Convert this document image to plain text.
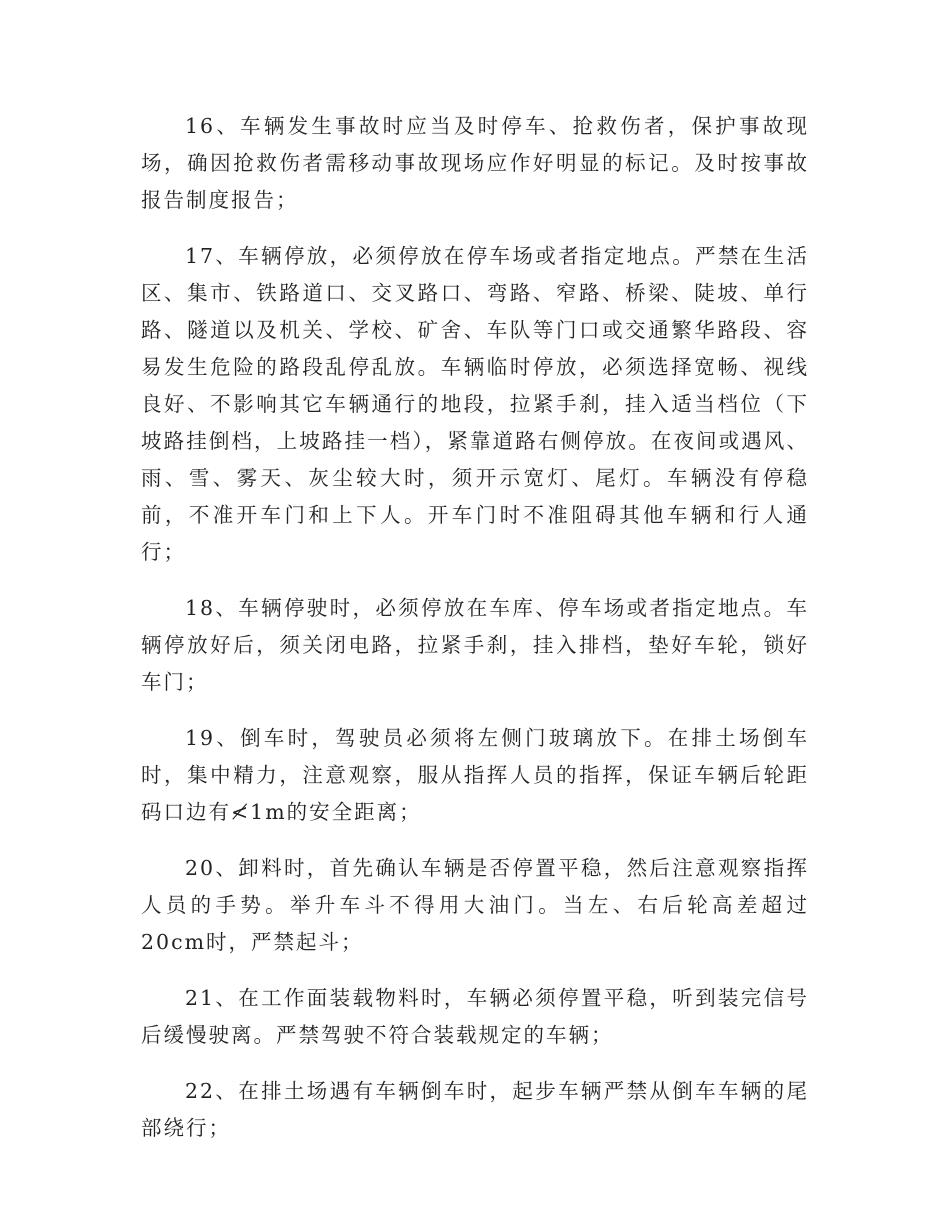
16、车辆发生事故时应当及时停车、抢救伤者，保护事故现场，确因抢救伤者需移动事故现场应作好明显的标记。及时按事故报告制度报告；

17、车辆停放，必须停放在停车场或者指定地点。严禁在生活区、集市、铁路道口、交叉路口、弯路、窄路、桥梁、陡坡、单行路、隧道以及机关、学校、矿舍、车队等门口或交通繁华路段、容易发生危险的路段乱停乱放。车辆临时停放，必须选择宽畅、视线良好、不影响其它车辆通行的地段，拉紧手刹，挂入适当档位（下坡路挂倒档，上坡路挂一档），紧靠道路右侧停放。在夜间或遇风、雨、雪、雾天、灰尘较大时，须开示宽灯、尾灯。车辆没有停稳前，不准开车门和上下人。开车门时不准阻碍其他车辆和行人通行；

18、车辆停驶时，必须停放在车库、停车场或者指定地点。车辆停放好后，须关闭电路，拉紧手刹，挂入排档，垫好车轮，锁好车门；

19、倒车时，驾驶员必须将左侧门玻璃放下。在排土场倒车时，集中精力，注意观察，服从指挥人员的指挥，保证车辆后轮距码口边有≮1m的安全距离；

20、卸料时，首先确认车辆是否停置平稳，然后注意观察指挥人员的手势。举升车斗不得用大油门。当左、右后轮高差超过20cm时，严禁起斗；

21、在工作面装载物料时，车辆必须停置平稳，听到装完信号后缓慢驶离。严禁驾驶不符合装载规定的车辆；

22、在排土场遇有车辆倒车时，起步车辆严禁从倒车车辆的尾部绕行；
